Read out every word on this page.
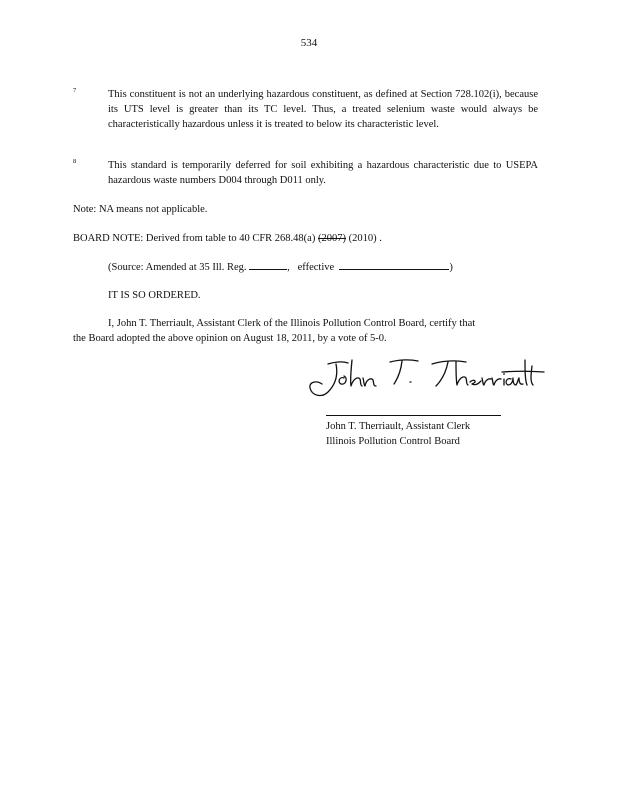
534
7	This constituent is not an underlying hazardous constituent, as defined at Section 728.102(i), because its UTS level is greater than its TC level. Thus, a treated selenium waste would always be characteristically hazardous unless it is treated to below its characteristic level.

8	This standard is temporarily deferred for soil exhibiting a hazardous characteristic due to USEPA hazardous waste numbers D004 through D011 only.

Note: NA means not applicable.
BOARD NOTE: Derived from table to 40 CFR 268.48(a) (2007) (2010) .
(Source: Amended at 35 Ill. Reg.	, effective	)
IT IS SO ORDERED.
I, John T. Therriault, Assistant Clerk of the Illinois Pollution Control Board, certify that
the Board adopted the above opinion on August 18, 2011, by a vote of 5-0.
John T. Therriault, Assistant Clerk
Illinois Pollution Control Board
